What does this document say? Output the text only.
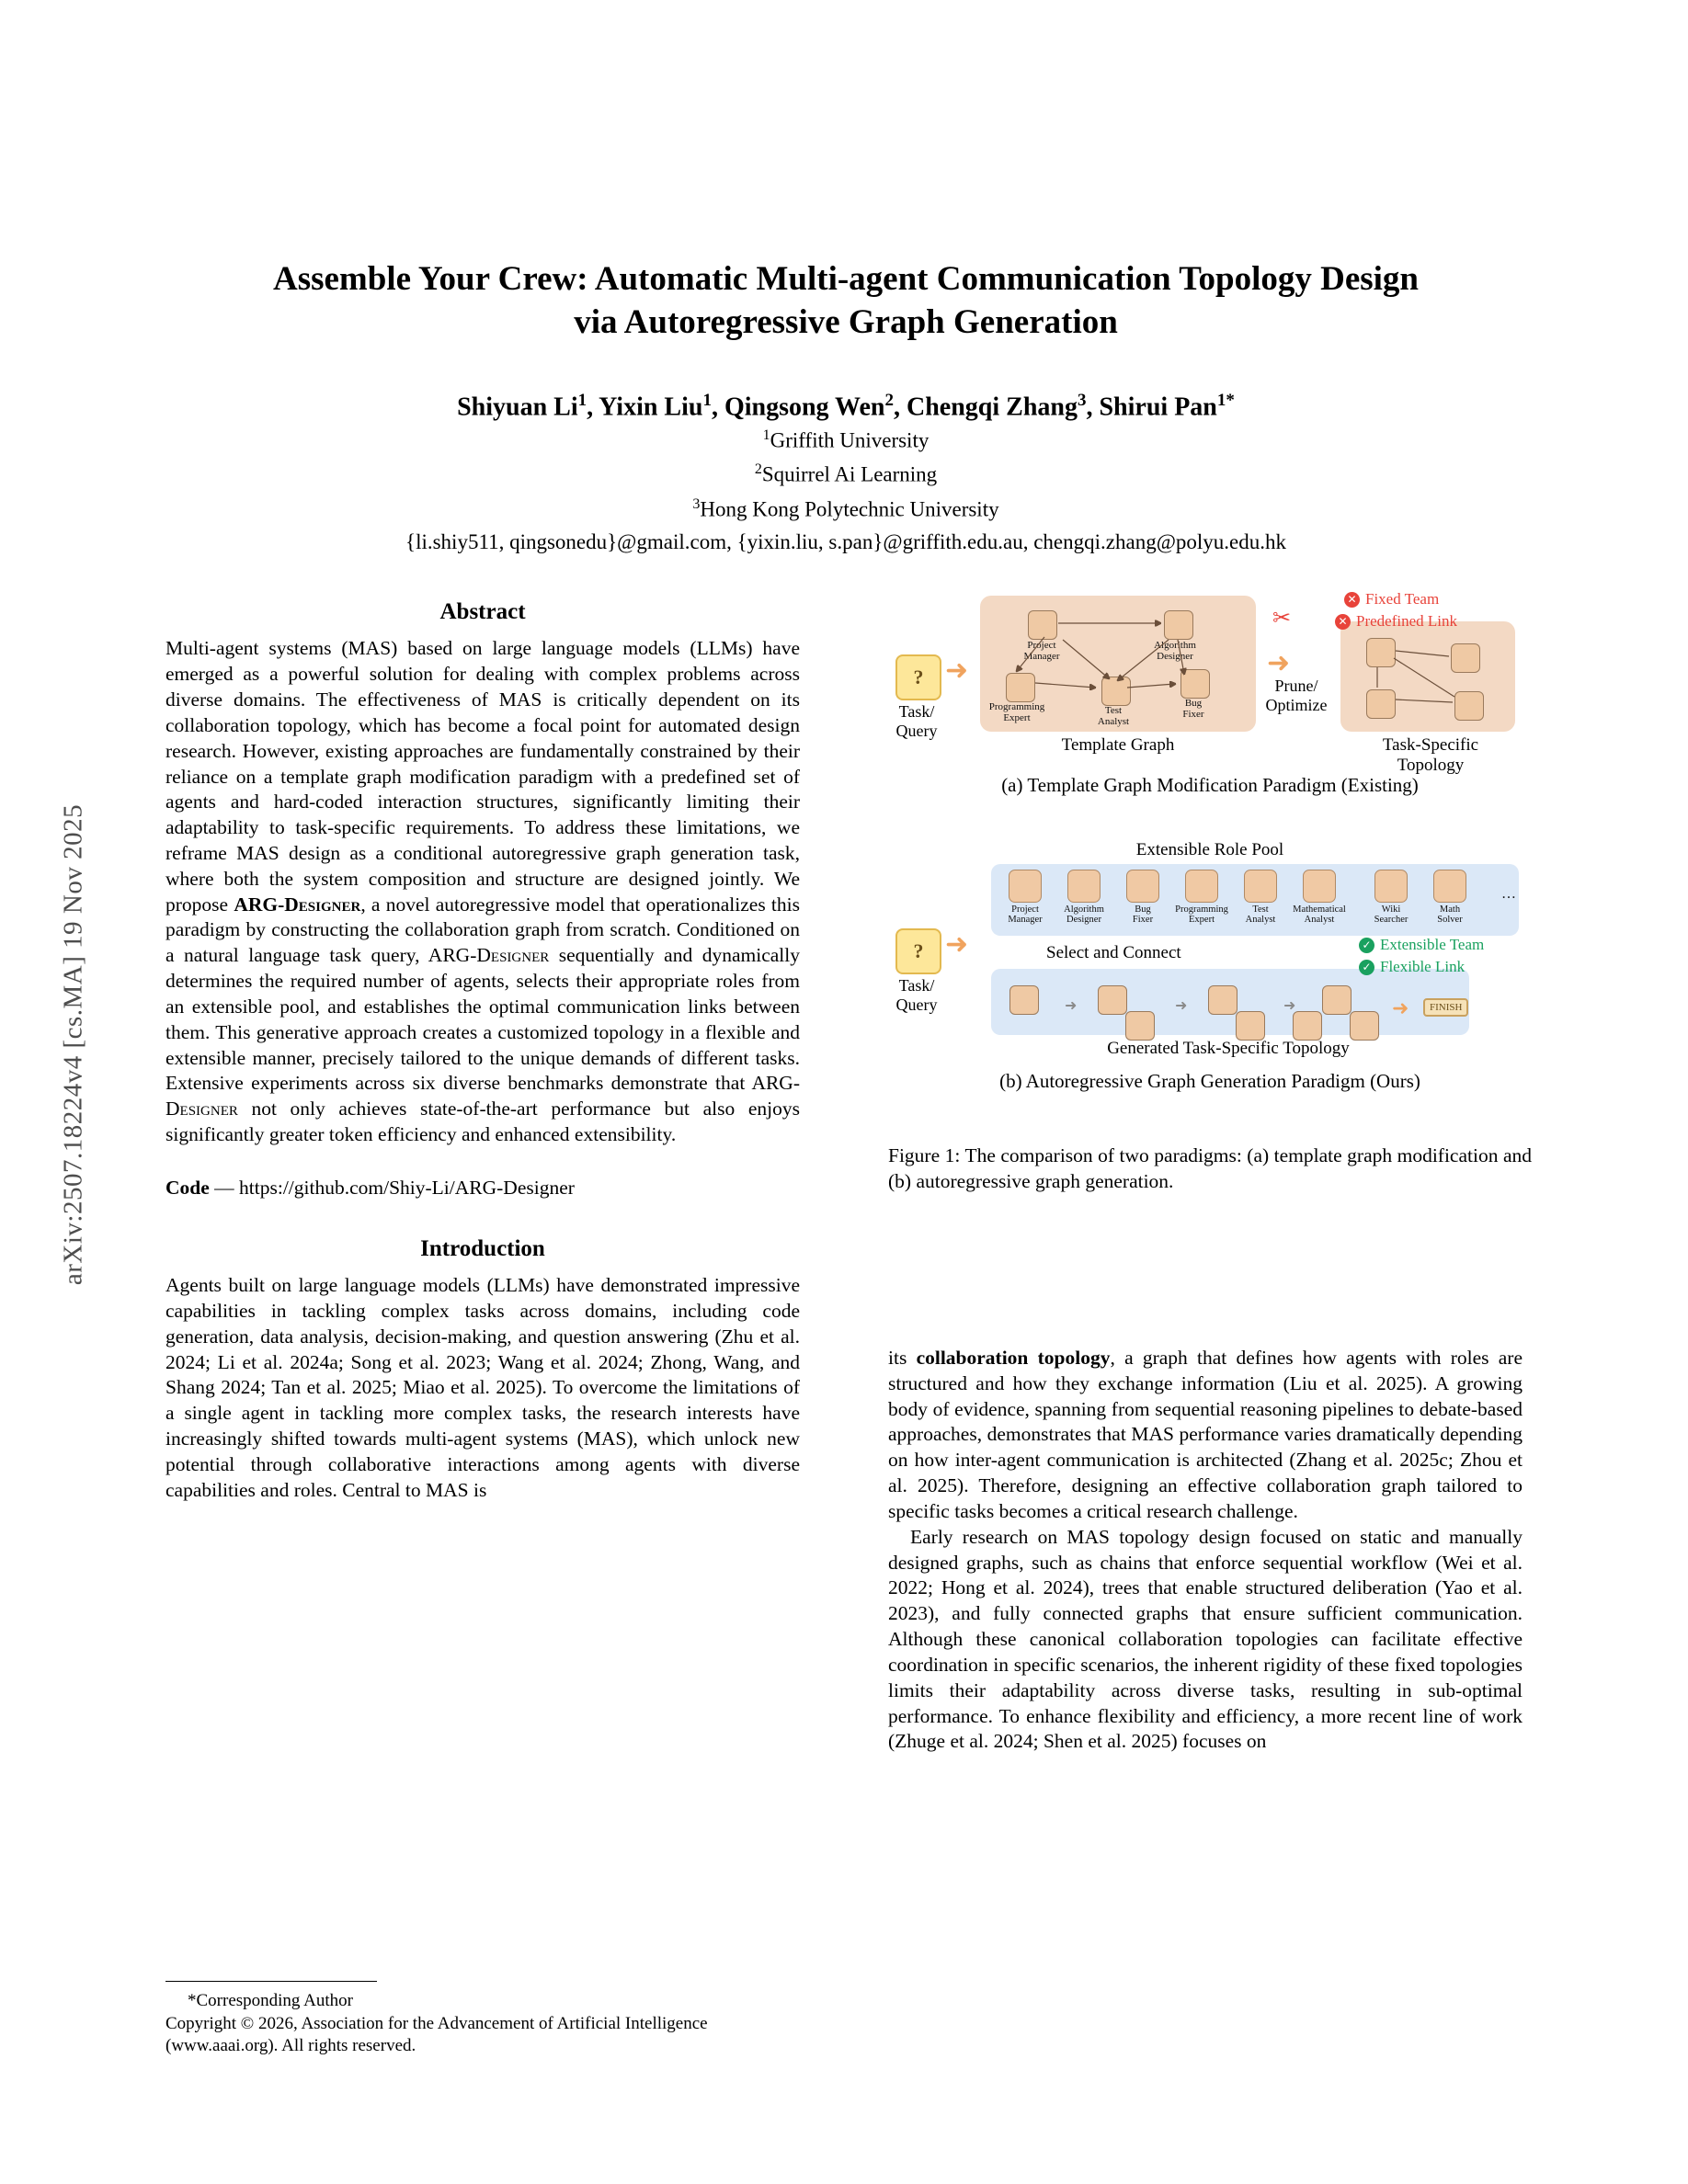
arXiv:2507.18224v4 [cs.MA] 19 Nov 2025
Assemble Your Crew: Automatic Multi-agent Communication Topology Design
via Autoregressive Graph Generation
Shiyuan Li$^1$, Yixin Liu$^1$, Qingsong Wen$^2$, Chengqi Zhang$^3$, Shirui Pan$^{1*}$
$^1$Griffith University
$^2$Squirrel Ai Learning
$^3$Hong Kong Polytechnic University
{li.shiy511, qingsonedu}@gmail.com, {yixin.liu, s.pan}@griffith.edu.au, chengqi.zhang@polyu.edu.hk
Abstract

Multi-agent systems (MAS) based on large language models (LLMs) have emerged as a powerful solution for dealing with complex problems across diverse domains. The effectiveness of MAS is critically dependent on its collaboration topology, which has become a focal point for automated design research. However, existing approaches are fundamentally constrained by their reliance on a template graph modification paradigm with a predefined set of agents and hard-coded interaction structures, significantly limiting their adaptability to task-specific requirements. To address these limitations, we reframe MAS design as a conditional autoregressive graph generation task, where both the system composition and structure are designed jointly. We propose ARG-Designer, a novel autoregressive model that operationalizes this paradigm by constructing the collaboration graph from scratch. Conditioned on a natural language task query, ARG-Designer sequentially and dynamically determines the required number of agents, selects their appropriate roles from an extensible pool, and establishes the optimal communication links between them. This generative approach creates a customized topology in a flexible and extensible manner, precisely tailored to the unique demands of different tasks. Extensive experiments across six diverse benchmarks demonstrate that ARG-Designer not only achieves state-of-the-art performance but also enjoys significantly greater token efficiency and enhanced extensibility.

Code — https://github.com/Shiy-Li/ARG-Designer
Introduction

Agents built on large language models (LLMs) have demonstrated impressive capabilities in tackling complex tasks across domains, including code generation, data analysis, decision-making, and question answering (Zhu et al. 2024; Li et al. 2024a; Song et al. 2023; Wang et al. 2024; Zhong, Wang, and Shang 2024; Tan et al. 2025; Miao et al. 2025). To overcome the limitations of a single agent in tackling more complex tasks, the research interests have increasingly shifted towards multi-agent systems (MAS), which unlock new potential through collaborative interactions among agents with diverse capabilities and roles. Central to MAS is

*Corresponding Author
Copyright © 2026, Association for the Advancement of Artificial Intelligence (www.aaai.org). All rights reserved.
?
Task/
Query
➜
Project
Manager
Algorithm
Designer
Programming
Expert
Test
Analyst
Bug
Fixer
Template Graph
✂
➜
Prune/
Optimize
Task-Specific
Topology
✕ Fixed Team
✕ Predefined Link
(a) Template Graph Modification Paradigm (Existing)
Extensible Role Pool
Project
Manager
Algorithm
Designer
Bug
Fixer
Programming
Expert
Test
Analyst
Mathematical
Analyst
Wiki
Searcher
Math
Solver
…
?
Task/
Query
➜	Select and Connect
➜	➜	➜	➜	FINISH
Generated Task-Specific Topology
✓ Extensible Team
✓ Flexible Link
(b) Autoregressive Graph Generation Paradigm (Ours)
Figure 1: The comparison of two paradigms: (a) template graph modification and (b) autoregressive graph generation.

its collaboration topology, a graph that defines how agents with roles are structured and how they exchange information (Liu et al. 2025). A growing body of evidence, spanning from sequential reasoning pipelines to debate-based approaches, demonstrates that MAS performance varies dramatically depending on how inter-agent communication is architected (Zhang et al. 2025c; Zhou et al. 2025). Therefore, designing an effective collaboration graph tailored to specific tasks becomes a critical research challenge.

Early research on MAS topology design focused on static and manually designed graphs, such as chains that enforce sequential workflow (Wei et al. 2022; Hong et al. 2024), trees that enable structured deliberation (Yao et al. 2023), and fully connected graphs that ensure sufficient communication. Although these canonical collaboration topologies can facilitate effective coordination in specific scenarios, the inherent rigidity of these fixed topologies limits their adaptability across diverse tasks, resulting in sub-optimal performance. To enhance flexibility and efficiency, a more recent line of work (Zhuge et al. 2024; Shen et al. 2025) focuses on
